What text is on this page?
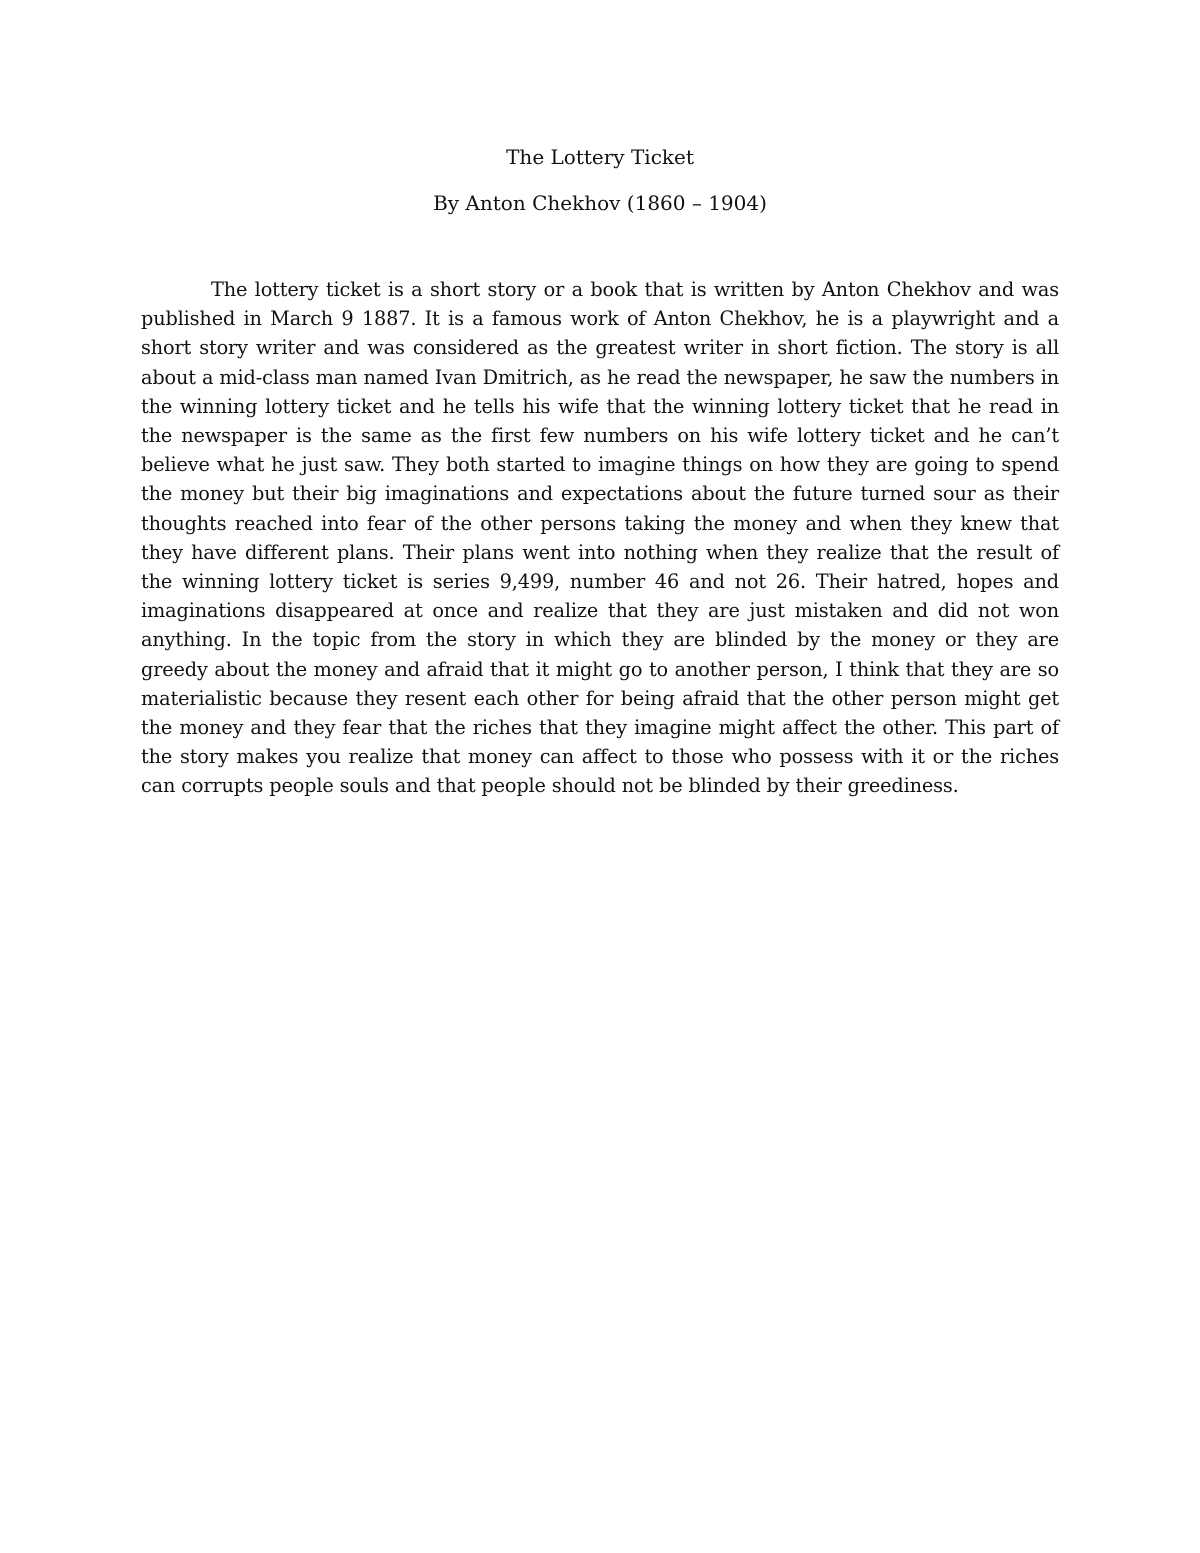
The Lottery Ticket

By Anton Chekhov (1860 – 1904)

The lottery ticket is a short story or a book that is written by Anton Chekhov and was published in March 9 1887. It is a famous work of Anton Chekhov, he is a playwright and a short story writer and was considered as the greatest writer in short fiction. The story is all about a mid-class man named Ivan Dmitrich, as he read the newspaper, he saw the numbers in the winning lottery ticket and he tells his wife that the winning lottery ticket that he read in the newspaper is the same as the first few numbers on his wife lottery ticket and he can’t believe what he just saw. They both started to imagine things on how they are going to spend the money but their big imaginations and expectations about the future turned sour as their thoughts reached into fear of the other persons taking the money and when they knew that they have different plans. Their plans went into nothing when they realize that the result of the winning lottery ticket is series 9,499, number 46 and not 26. Their hatred, hopes and imaginations disappeared at once and realize that they are just mistaken and did not won anything. In the topic from the story in which they are blinded by the money or they are greedy about the money and afraid that it might go to another person, I think that they are so materialistic because they resent each other for being afraid that the other person might get the money and they fear that the riches that they imagine might affect the other. This part of the story makes you realize that money can affect to those who possess with it or the riches can corrupts people souls and that people should not be blinded by their greediness.
